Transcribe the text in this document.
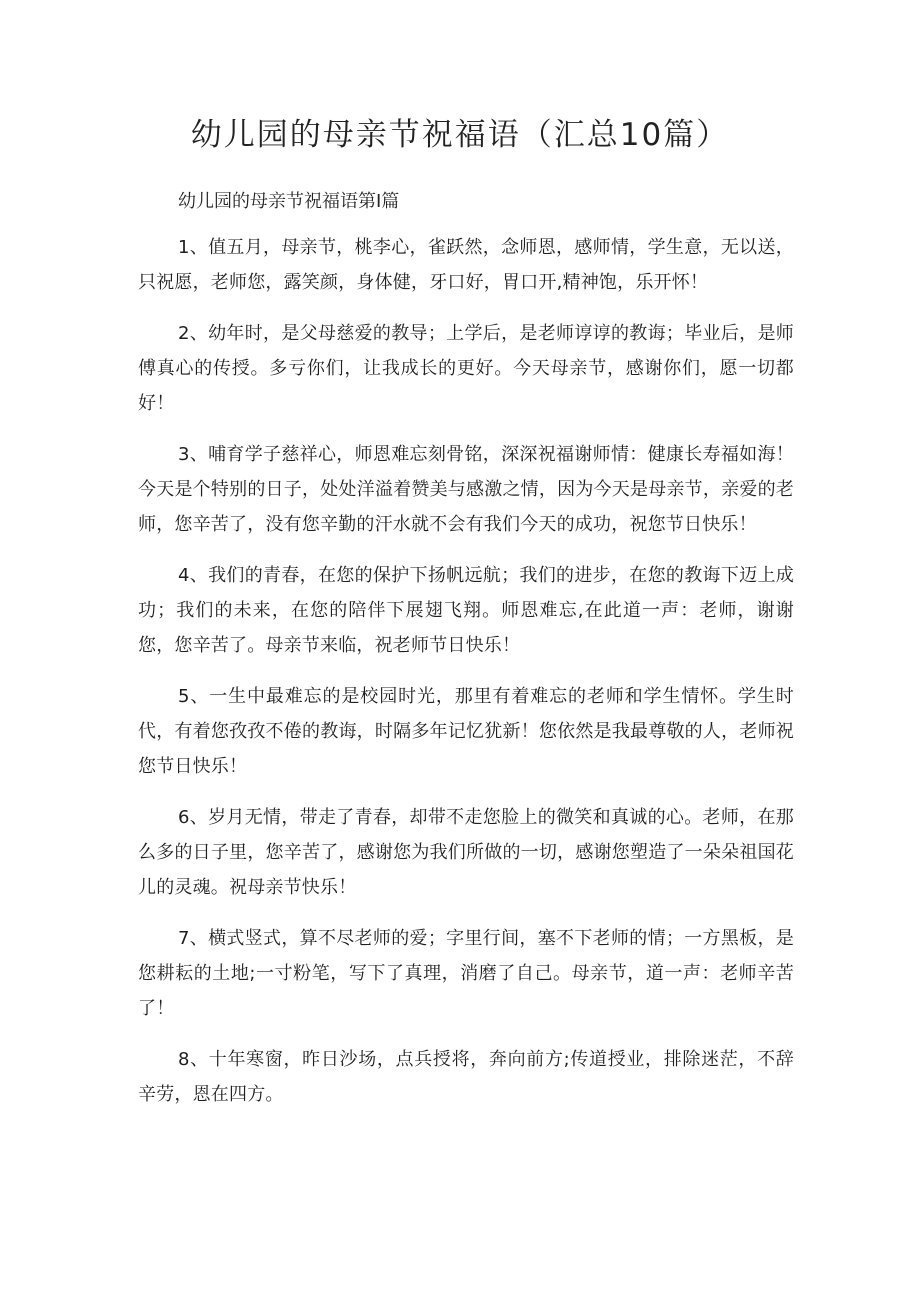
幼儿园的母亲节祝福语（汇总10篇）

幼儿园的母亲节祝福语第I篇

1、值五月，母亲节，桃李心，雀跃然，念师恩，感师情，学生意，无以送，只祝愿，老师您，露笑颜，身体健，牙口好，胃口开,精神饱，乐开怀！

2、幼年时，是父母慈爱的教导；上学后，是老师谆谆的教诲；毕业后，是师傅真心的传授。多亏你们，让我成长的更好。今天母亲节，感谢你们，愿一切都好！

3、哺育学子慈祥心，师恩难忘刻骨铭，深深祝福谢师情：健康长寿福如海！今天是个特别的日子，处处洋溢着赞美与感激之情，因为今天是母亲节，亲爱的老师，您辛苦了，没有您辛勤的汗水就不会有我们今天的成功，祝您节日快乐！

4、我们的青春，在您的保护下扬帆远航；我们的进步，在您的教诲下迈上成功；我们的未来，在您的陪伴下展翅飞翔。师恩难忘,在此道一声：老师，谢谢您，您辛苦了。母亲节来临，祝老师节日快乐！

5、一生中最难忘的是校园时光，那里有着难忘的老师和学生情怀。学生时代，有着您孜孜不倦的教诲，时隔多年记忆犹新！您依然是我最尊敬的人，老师祝您节日快乐！

6、岁月无情，带走了青春，却带不走您脸上的微笑和真诚的心。老师，在那么多的日子里，您辛苦了，感谢您为我们所做的一切，感谢您塑造了一朵朵祖国花儿的灵魂。祝母亲节快乐！

7、横式竖式，算不尽老师的爱；字里行间，塞不下老师的情；一方黑板，是您耕耘的土地;一寸粉笔，写下了真理，消磨了自己。母亲节，道一声：老师辛苦了！

8、十年寒窗，昨日沙场，点兵授将，奔向前方;传道授业，排除迷茫，不辞辛劳，恩在四方。
